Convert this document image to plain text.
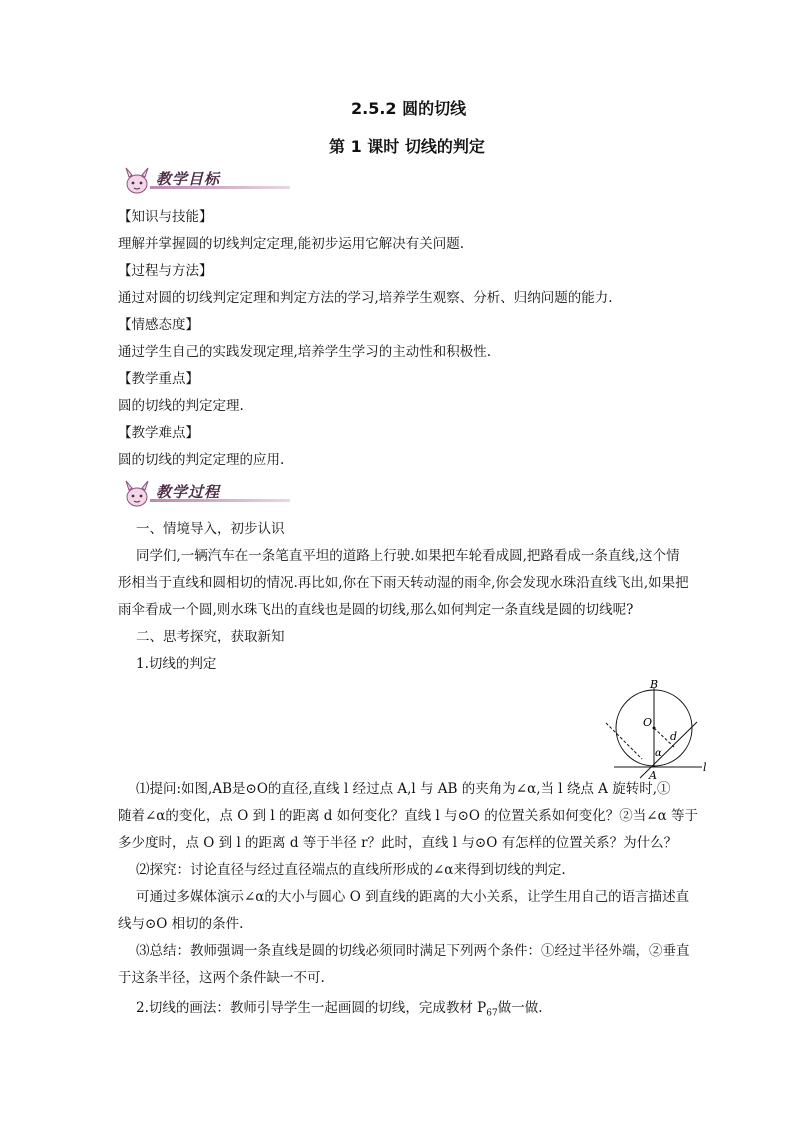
2.5.2 圆的切线
第 1 课时 切线的判定
教学目标
【知识与技能】
理解并掌握圆的切线判定定理,能初步运用它解决有关问题.
【过程与方法】
通过对圆的切线判定定理和判定方法的学习,培养学生观察、分析、归纳问题的能力.
【情感态度】
通过学生自己的实践发现定理,培养学生学习的主动性和积极性.
【教学重点】
圆的切线的判定定理.
【教学难点】
圆的切线的判定定理的应用.
教学过程
一、情境导入，初步认识
同学们,一辆汽车在一条笔直平坦的道路上行驶.如果把车轮看成圆,把路看成一条直线,这个情
形相当于直线和圆相切的情况.再比如,你在下雨天转动湿的雨伞,你会发现水珠沿直线飞出,如果把
雨伞看成一个圆,则水珠飞出的直线也是圆的切线,那么如何判定一条直线是圆的切线呢?
二、思考探究，获取新知
1.切线的判定
B
O
d
α
A
l
⑴提问:如图,AB是⊙O的直径,直线 l 经过点 A,l 与 AB 的夹角为∠α,当 l 绕点 A 旋转时,①
随着∠α的变化，点 O 到 l 的距离 d 如何变化？直线 l 与⊙O 的位置关系如何变化？②当∠α 等于
多少度时，点 O 到 l 的距离 d 等于半径 r？此时，直线 l 与⊙O 有怎样的位置关系？为什么？
⑵探究：讨论直径与经过直径端点的直线所形成的∠α来得到切线的判定.
可通过多媒体演示∠α的大小与圆心 O 到直线的距离的大小关系，让学生用自己的语言描述直
线与⊙O 相切的条件.
⑶总结：教师强调一条直线是圆的切线必须同时满足下列两个条件：①经过半径外端，②垂直
于这条半径，这两个条件缺一不可.
2.切线的画法：教师引导学生一起画圆的切线，完成教材 $P_{67}$做一做.
